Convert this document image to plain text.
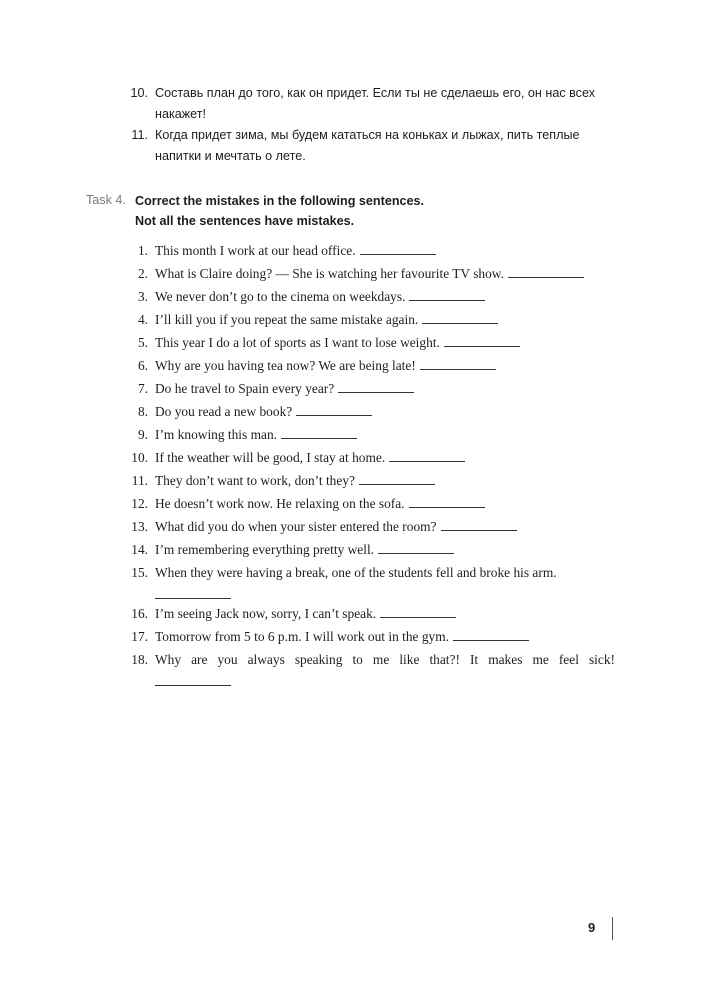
10. Составь план до того, как он придет. Если ты не сделаешь его, он нас всех накажет!
11. Когда придет зима, мы будем кататься на коньках и лыжах, пить теплые напитки и мечтать о лете.
Task 4. Correct the mistakes in the following sentences.
Not all the sentences have mistakes.
1. This month I work at our head office.
2. What is Claire doing? — She is watching her favourite TV show.
3. We never don’t go to the cinema on weekdays.
4. I’ll kill you if you repeat the same mistake again.
5. This year I do a lot of sports as I want to lose weight.
6. Why are you having tea now? We are being late!
7. Do he travel to Spain every year?
8. Do you read a new book?
9. I’m knowing this man.
10. If the weather will be good, I stay at home.
11. They don’t want to work, don’t they?
12. He doesn’t work now. He relaxing on the sofa.
13. What did you do when your sister entered the room?
14. I’m remembering everything pretty well.
15. When they were having a break, one of the students fell and broke his arm.
16. I’m seeing Jack now, sorry, I can’t speak.
17. Tomorrow from 5 to 6 p.m. I will work out in the gym.
18. Why are you always speaking to me like that?! It makes me feel sick!
9
